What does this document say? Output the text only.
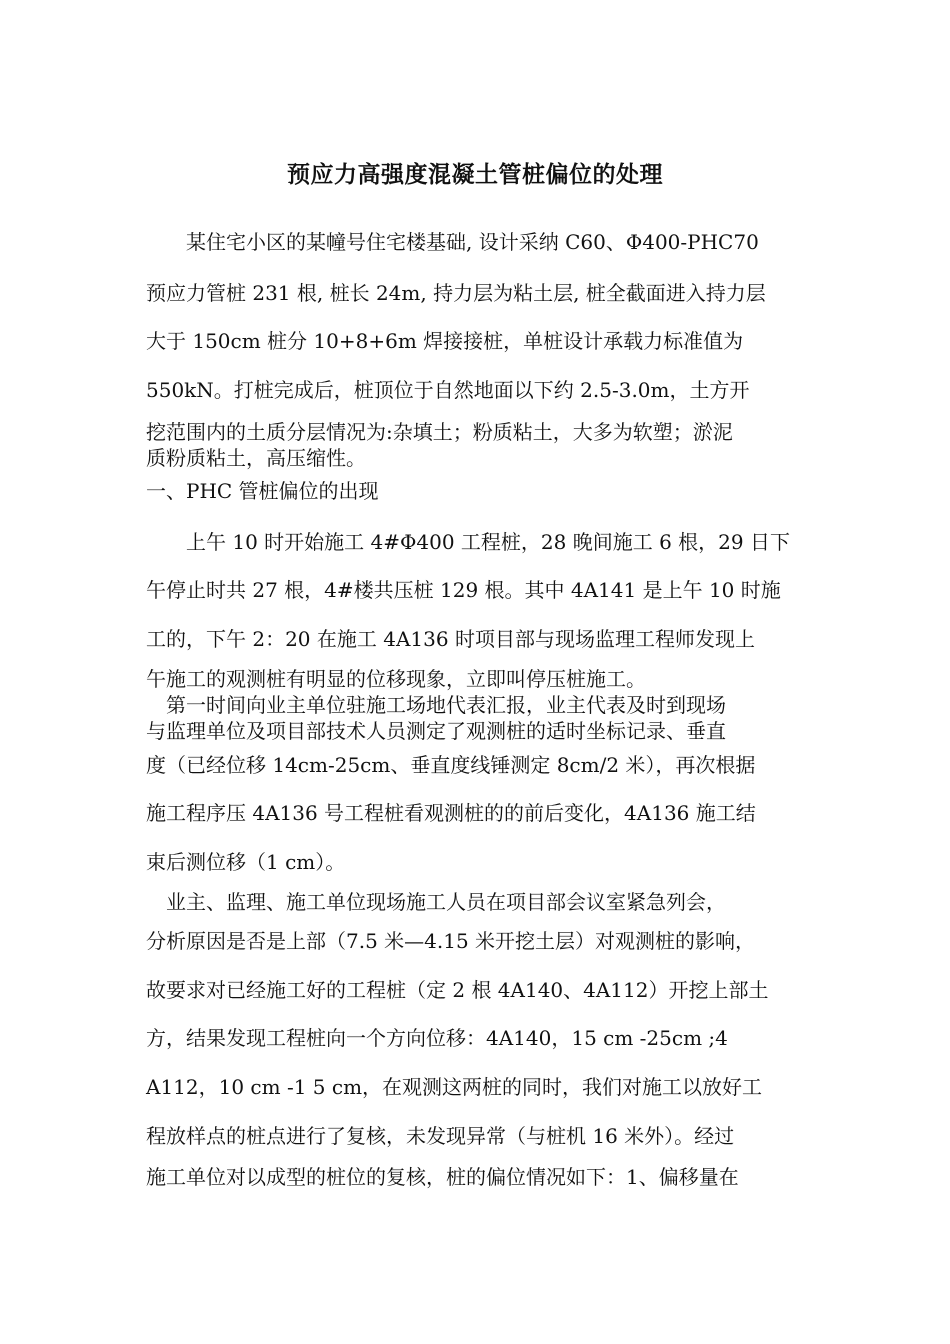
预应力高强度混凝土管桩偏位的处理
　　某住宅小区的某幢号住宅楼基础, 设计采纳 C60、Φ400-PHC70
预应力管桩 231 根, 桩长 24m, 持力层为粘土层, 桩全截面进入持力层
大于 150cm 桩分 10+8+6m 焊接接桩，单桩设计承载力标准值为
550kN。打桩完成后，桩顶位于自然地面以下约 2.5-3.0m，土方开
挖范围内的土质分层情况为:杂填土；粉质粘土，大多为软塑；淤泥
质粉质粘土，高压缩性。
一、PHC 管桩偏位的出现
　　上午 10 时开始施工 4#Φ400 工程桩，28 晚间施工 6 根，29 日下
午停止时共 27 根，4#楼共压桩 129 根。其中 4A141 是上午 10 时施
工的，下午 2：20 在施工 4A136 时项目部与现场监理工程师发现上
午施工的观测桩有明显的位移现象，立即叫停压桩施工。
　第一时间向业主单位驻施工场地代表汇报，业主代表及时到现场
与监理单位及项目部技术人员测定了观测桩的适时坐标记录、垂直
度（已经位移 14cm-25cm、垂直度线锤测定 8cm/2 米），再次根据
施工程序压 4A136 号工程桩看观测桩的的前后变化，4A136 施工结
束后测位移（1 cm）。
　业主、监理、施工单位现场施工人员在项目部会议室紧急列会，
分析原因是否是上部（7.5 米—4.15 米开挖土层）对观测桩的影响，
故要求对已经施工好的工程桩（定 2 根 4A140、4A112）开挖上部土
方，结果发现工程桩向一个方向位移：4A140，15 cm -25cm ;4
A112，10 cm -1 5 cm，在观测这两桩的同时，我们对施工以放好工
程放样点的桩点进行了复核，未发现异常（与桩机 16 米外）。经过
施工单位对以成型的桩位的复核，桩的偏位情况如下：1、偏移量在
